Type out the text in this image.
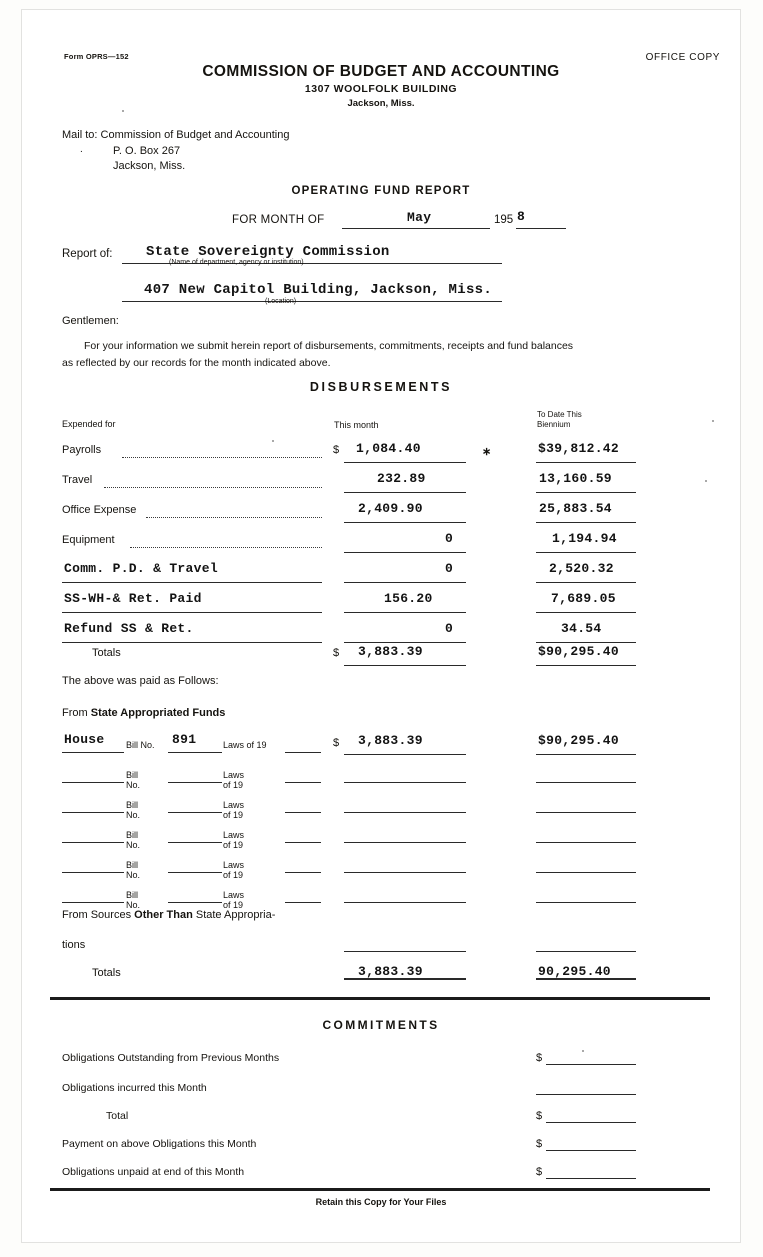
Form OPRS—152	OFFICE COPY
COMMISSION OF BUDGET AND ACCOUNTING
1307 WOOLFOLK BUILDING
Jackson, Miss.
.
Mail to: Commission of Budget and Accounting
P. O. Box 267
Jackson, Miss.
OPERATING FUND REPORT
FOR MONTH OF	May	195 8
Report of: State Sovereignty Commission
(Name of department, agency or institution)
407 New Capitol Building, Jackson, Miss.
(Location)
Gentlemen:
For your information we submit herein report of disbursements, commitments, receipts and fund balances
as reflected by our records for the month indicated above.
DISBURSEMENTS
Expended for	This month
To Date This
Biennium
∗
Payrolls	$ 1,084.40	$39,812.42
Travel	232.89	13,160.59
Office Expense	2,409.90	25,883.54
Equipment	0	1,194.94
Comm. P.D. & Travel	0	2,520.32
SS-WH-& Ret. Paid	156.20	7,689.05
Refund SS & Ret.	0	34.54
Totals	$ 3,883.39	$90,295.40
The above was paid as Follows:
From State Appropriated Funds
House Bill No. 891	Laws of 19	$ 3,883.39	$90,295.40
Bill No.
Laws of 19
Bill No.
Laws of 19
Bill No.
Laws of 19
Bill No.
Laws of 19
Bill No.
Laws of 19
From Sources Other Than State Appropria-
tions
Totals	3,883.39	90,295.40
COMMITMENTS
Obligations Outstanding from Previous Months	$
Obligations incurred this Month
Total	$
Payment on above Obligations this Month	$
Obligations unpaid at end of this Month	$
Retain this Copy for Your Files
